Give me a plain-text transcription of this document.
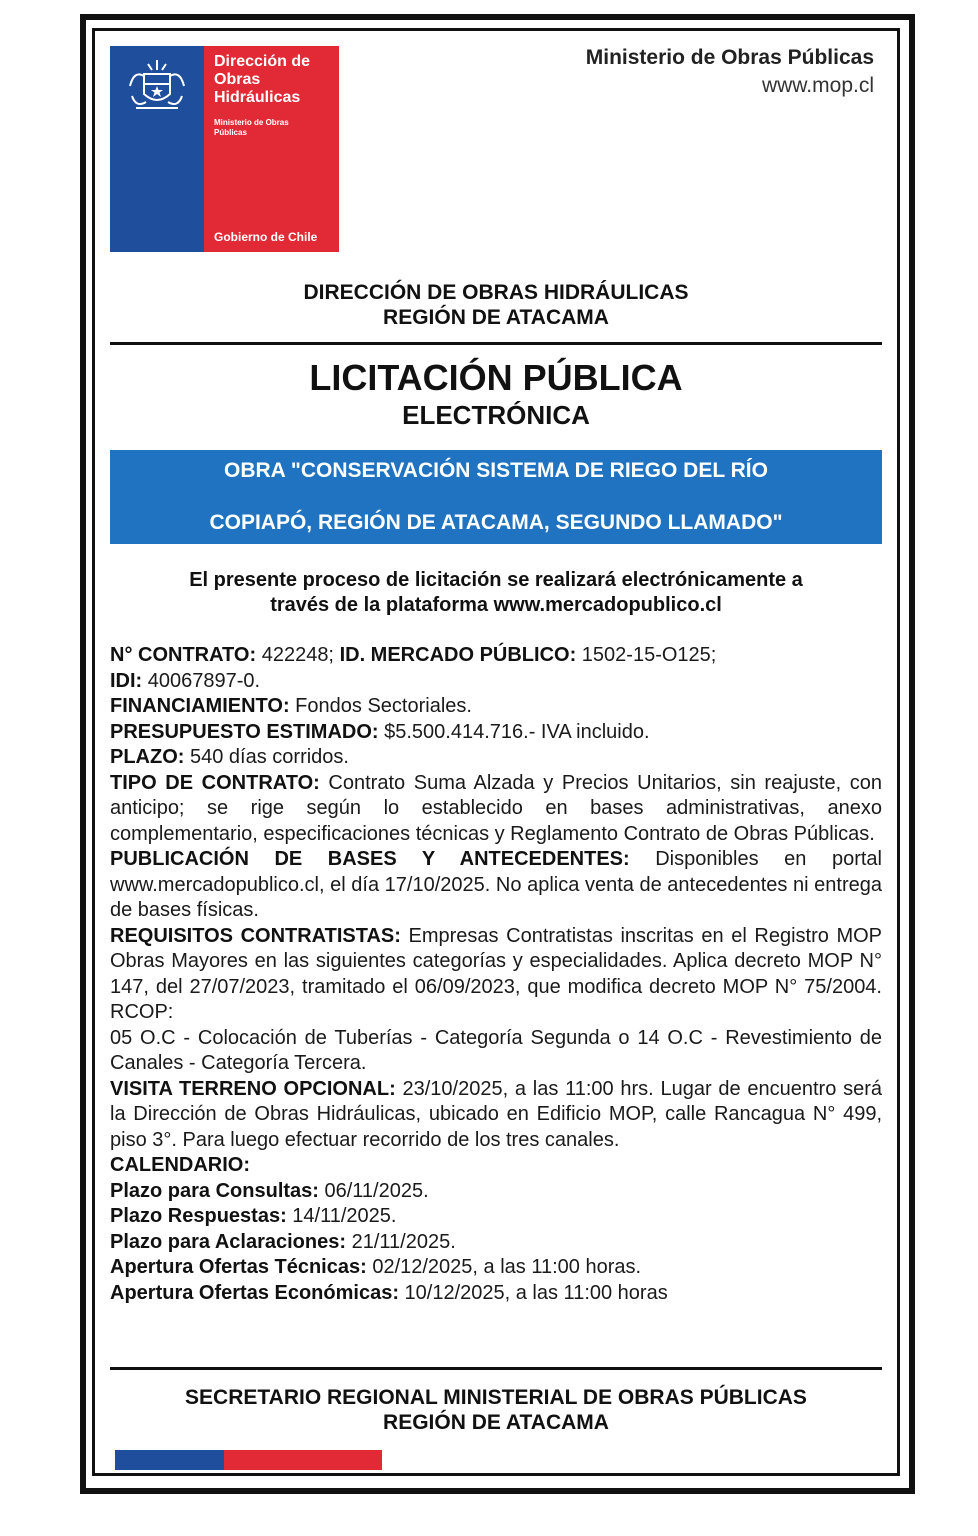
Dirección de
Obras
Hidráulicas
Ministerio de Obras
Públicas
Gobierno de Chile
Ministerio de Obras Públicas
www.mop.cl
DIRECCIÓN DE OBRAS HIDRÁULICAS
REGIÓN DE ATACAMA
LICITACIÓN PÚBLICA
ELECTRÓNICA
OBRA "CONSERVACIÓN SISTEMA DE RIEGO DEL RÍO

COPIAPÓ, REGIÓN DE ATACAMA, SEGUNDO LLAMADO"
El presente proceso de licitación se realizará electrónicamente a
través de la plataforma www.mercadopublico.cl

N° CONTRATO: 422248; ID. MERCADO PÚBLICO: 1502-15-O125;

IDI: 40067897-0.

FINANCIAMIENTO: Fondos Sectoriales.

PRESUPUESTO ESTIMADO: $5.500.414.716.- IVA incluido.

PLAZO: 540 días corridos.

TIPO DE CONTRATO: Contrato Suma Alzada y Precios Unitarios, sin reajuste, con anticipo; se rige según lo establecido en bases administrativas, anexo complementario, especificaciones técnicas y Reglamento Contrato de Obras Públicas.

PUBLICACIÓN DE BASES Y ANTECEDENTES: Disponibles en portal www.mercadopublico.cl, el día 17/10/2025. No aplica venta de antecedentes ni entrega de bases físicas.

REQUISITOS CONTRATISTAS: Empresas Contratistas inscritas en el Registro MOP Obras Mayores en las siguientes categorías y especialidades. Aplica decreto MOP N° 147, del 27/07/2023, tramitado el 06/09/2023, que modifica decreto MOP N° 75/2004. RCOP:

05 O.C - Colocación de Tuberías - Categoría Segunda o 14 O.C - Revestimiento de Canales - Categoría Tercera.

VISITA TERRENO OPCIONAL: 23/10/2025, a las 11:00 hrs. Lugar de encuentro será la Dirección de Obras Hidráulicas, ubicado en Edificio MOP, calle Rancagua N° 499, piso 3°. Para luego efectuar recorrido de los tres canales.

CALENDARIO:

Plazo para Consultas: 06/11/2025.

Plazo Respuestas: 14/11/2025.

Plazo para Aclaraciones: 21/11/2025.

Apertura Ofertas Técnicas: 02/12/2025, a las 11:00 horas.

Apertura Ofertas Económicas: 10/12/2025, a las 11:00 horas

SECRETARIO REGIONAL MINISTERIAL DE OBRAS PÚBLICAS
REGIÓN DE ATACAMA
